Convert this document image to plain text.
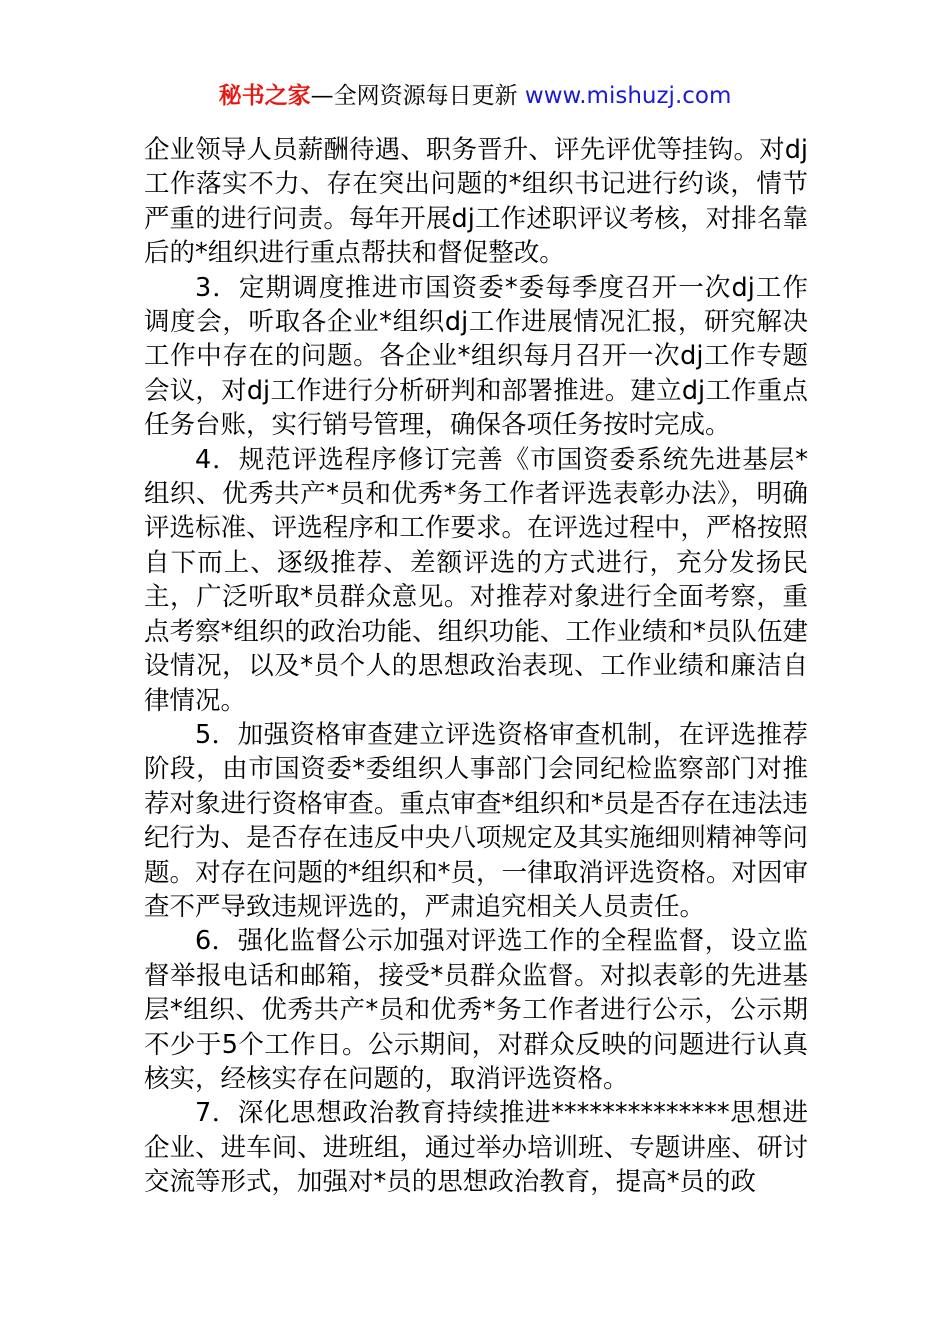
秘书之家—全网资源每日更新 www.mishuzj.com

企业领导人员薪酬待遇、职务晋升、评先评优等挂钩。对dj工作落实不力、存在突出问题的*组织书记进行约谈，情节严重的进行问责。每年开展dj工作述职评议考核，对排名靠后的*组织进行重点帮扶和督促整改。

3．定期调度推进市国资委*委每季度召开一次dj工作调度会，听取各企业*组织dj工作进展情况汇报，研究解决工作中存在的问题。各企业*组织每月召开一次dj工作专题会议，对dj工作进行分析研判和部署推进。建立dj工作重点任务台账，实行销号管理，确保各项任务按时完成。

4．规范评选程序修订完善《市国资委系统先进基层*组织、优秀共产*员和优秀*务工作者评选表彰办法》，明确评选标准、评选程序和工作要求。在评选过程中，严格按照自下而上、逐级推荐、差额评选的方式进行，充分发扬民主，广泛听取*员群众意见。对推荐对象进行全面考察，重点考察*组织的政治功能、组织功能、工作业绩和*员队伍建设情况，以及*员个人的思想政治表现、工作业绩和廉洁自律情况。

5．加强资格审查建立评选资格审查机制，在评选推荐阶段，由市国资委*委组织人事部门会同纪检监察部门对推荐对象进行资格审查。重点审查*组织和*员是否存在违法违纪行为、是否存在违反中央八项规定及其实施细则精神等问题。对存在问题的*组织和*员，一律取消评选资格。对因审查不严导致违规评选的，严肃追究相关人员责任。

6．强化监督公示加强对评选工作的全程监督，设立监督举报电话和邮箱，接受*员群众监督。对拟表彰的先进基层*组织、优秀共产*员和优秀*务工作者进行公示，公示期不少于5个工作日。公示期间，对群众反映的问题进行认真核实，经核实存在问题的，取消评选资格。

7．深化思想政治教育持续推进**************思想进企业、进车间、进班组，通过举办培训班、专题讲座、研讨交流等形式，加强对*员的思想政治教育，提高*员的政
